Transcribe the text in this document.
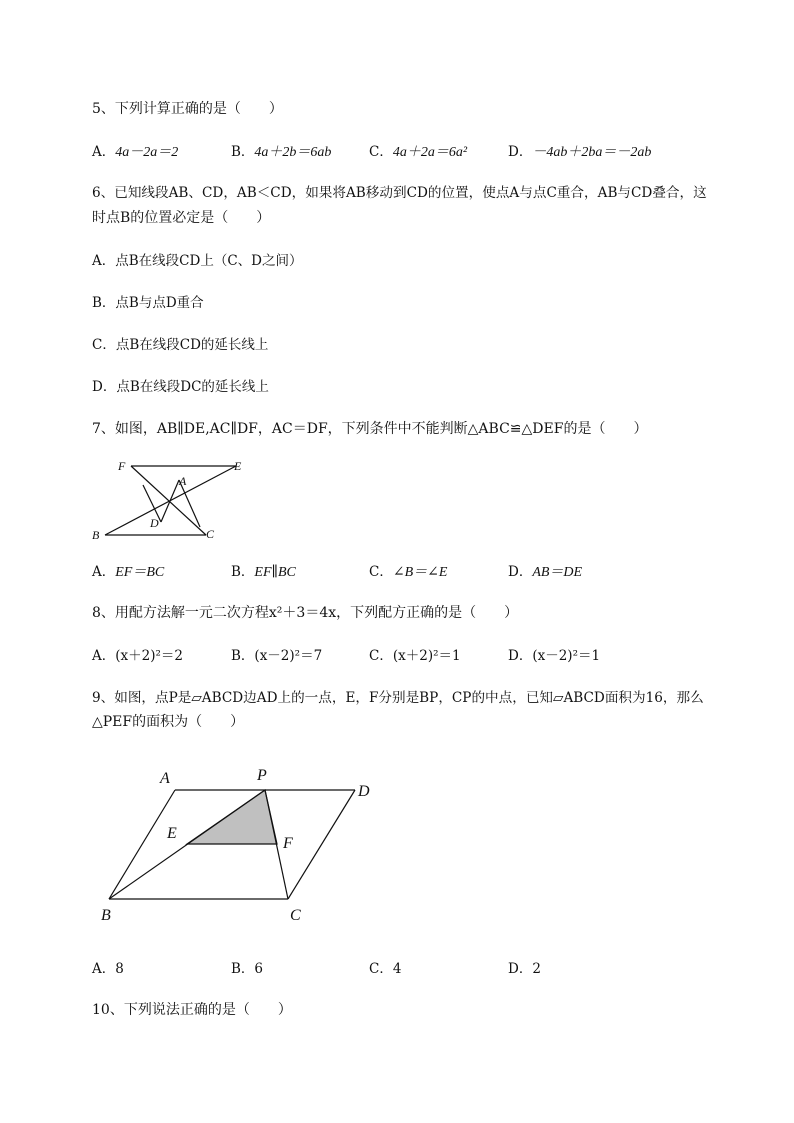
5、下列计算正确的是（　　）
A．4a－2a＝2	B．4a＋2b＝6ab	C．4a＋2a＝6a²	D．－4ab＋2ba＝－2ab
6、已知线段AB、CD，AB＜CD，如果将AB移动到CD的位置，使点A与点C重合，AB与CD叠合，这
时点B的位置必定是（　　）
A．点B在线段CD上（C、D之间）
B．点B与点D重合
C．点B在线段CD的延长线上
D．点B在线段DC的延长线上
7、如图，AB∥DE,AC∥DF，AC＝DF，下列条件中不能判断△ABC≌△DEF的是（　　）
F	E
A
D
B	C
A．EF＝BC	B．EF∥BC	C．∠B＝∠E	D．AB＝DE
8、用配方法解一元二次方程x²＋3＝4x，下列配方正确的是（　　）
A．(x＋2)²＝2	B．(x－2)²＝7	C．(x＋2)²＝1	D．(x－2)²＝1
9、如图，点P是▱ABCD边AD上的一点，E，F分别是BP，CP的中点，已知▱ABCD面积为16，那么
△PEF的面积为（　　）
A	P
D
E
F
B	C
A．8	B．6	C．4	D．2
10、下列说法正确的是（　　）
